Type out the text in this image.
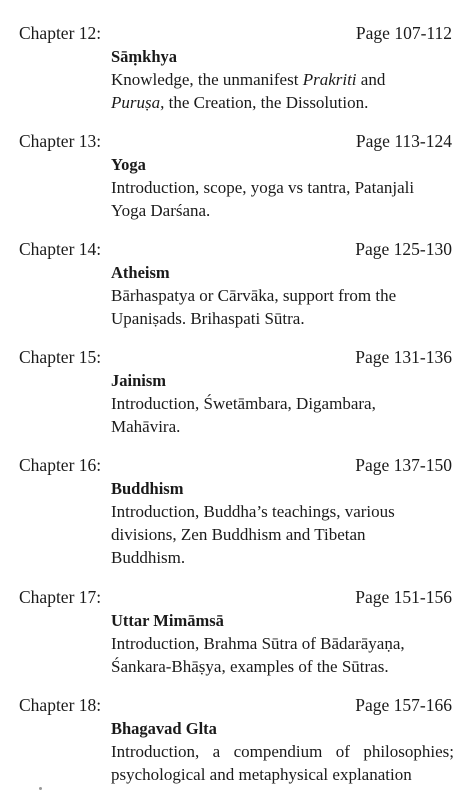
Chapter 12:	Page 107-112
Sāṃkhya
Knowledge, the unmanifest Prakriti and
Puruṣa, the Creation, the Dissolution.
Chapter 13:	Page 113-124
Yoga
Introduction, scope, yoga vs tantra, Patanjali
Yoga Darśana.
Chapter 14:	Page 125-130
Atheism
Bārhaspatya or Cārvāka, support from the
Upaniṣads. Brihaspati Sūtra.
Chapter 15:	Page 131-136
Jainism
Introduction, Śwetāmbara, Digambara,
Mahāvira.
Chapter 16:	Page 137-150
Buddhism
Introduction, Buddha’s teachings, various
divisions, Zen Buddhism and Tibetan
Buddhism.
Chapter 17:	Page 151-156
Uttar Mimāmsā
Introduction, Brahma Sūtra of Bādarāyaṇa,
Śankara-Bhāṣya, examples of the Sūtras.
Chapter 18:	Page 157-166
Bhagavad Glta
Introduction, a compendium of philosophies;
psychological and metaphysical explanation
